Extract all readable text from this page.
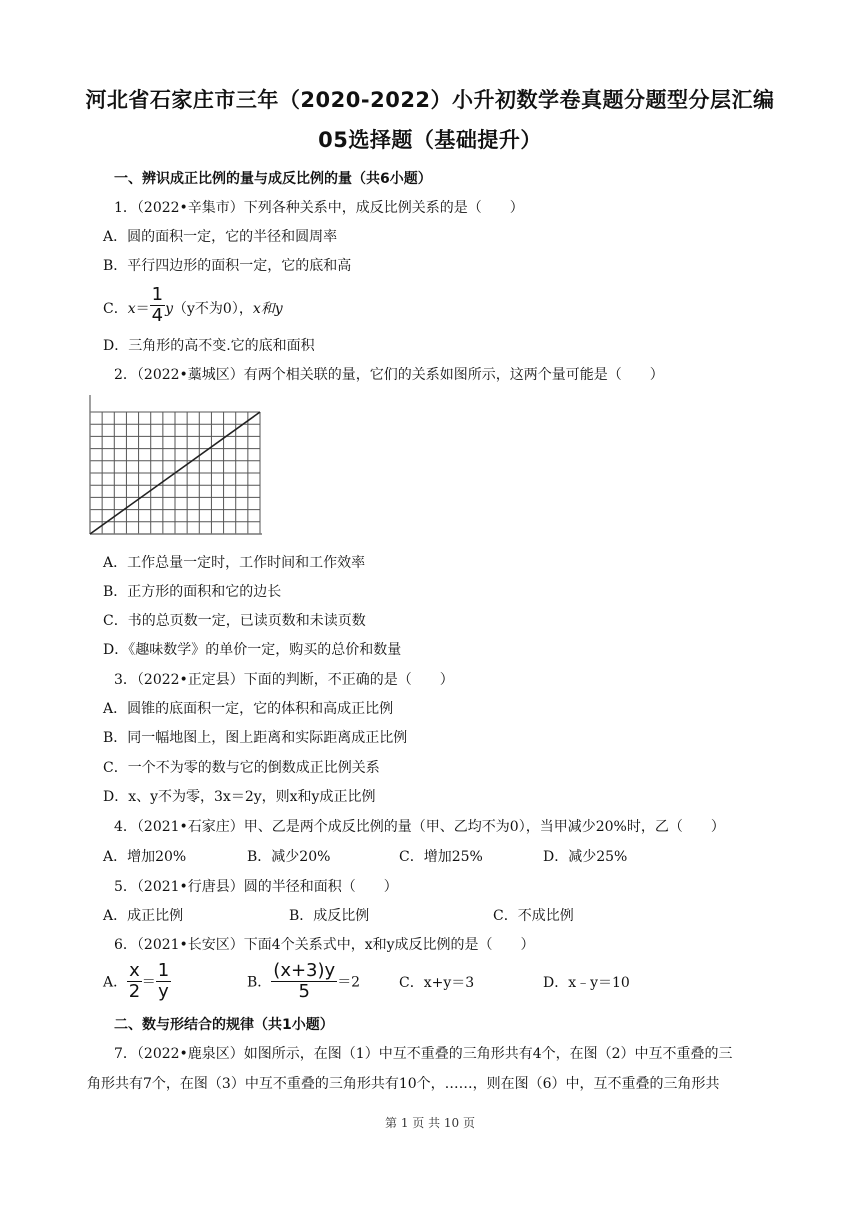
河北省石家庄市三年（2020-2022）小升初数学卷真题分题型分层汇编
05选择题（基础提升）
一、辨识成正比例的量与成反比例的量（共6小题）
1．（2022•辛集市）下列各种关系中，成反比例关系的是（　　）
A．圆的面积一定，它的半径和圆周率
B．平行四边形的面积一定，它的底和高
C．$x= \frac{1}{4} y(y$不为0），x和y
D．三角形的高不变.它的底和面积
2．（2022•藁城区）有两个相关联的量，它们的关系如图所示，这两个量可能是（　　）
A．工作总量一定时，工作时间和工作效率
B．正方形的面积和它的边长
C．书的总页数一定，已读页数和未读页数
D．《趣味数学》的单价一定，购买的总价和数量
3．（2022•正定县）下面的判断，不正确的是（　　）
A．圆锥的底面积一定，它的体积和高成正比例
B．同一幅地图上，图上距离和实际距离成正比例
C．一个不为零的数与它的倒数成正比例关系
D．x、y不为零，3x＝2y，则x和y成正比例
4．（2021•石家庄）甲、乙是两个成反比例的量（甲、乙均不为0），当甲减少20%时，乙（　　）
A．增加20%	B．减少20%	C．增加25%	D．减少25%
5．（2021•行唐县）圆的半径和面积（　　）
A．成正比例	B．成反比例	C．不成比例
6．（2021•长安区）下面4个关系式中，x和y成反比例的是（　　）
A． $\frac{x}{2} = \frac{1}{y}$	B． $\frac{(x+3)y}{5} =2$	C．x+y＝3	D．x﹣y＝10
二、数与形结合的规律（共1小题）
7．（2022•鹿泉区）如图所示，在图（1）中互不重叠的三角形共有4个，在图（2）中互不重叠的三
角形共有7个，在图（3）中互不重叠的三角形共有10个，……，则在图（6）中，互不重叠的三角形共
第 1 页 共 10 页
